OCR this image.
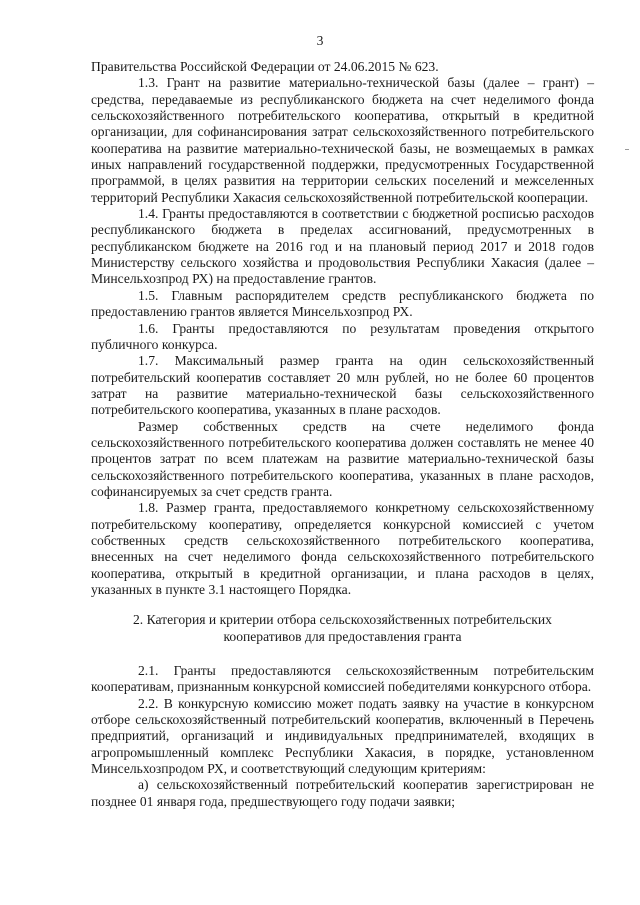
3

Правительства Российской Федерации от 24.06.2015 № 623.

1.3. Грант на развитие материально-технической базы (далее – грант) – средства, передаваемые из республиканского бюджета на счет неделимого фонда сельскохозяйственного потребительского кооператива, открытый в кредитной организации, для софинансирования затрат сельскохозяйственного потребительского кооператива на развитие материально-технической базы, не возмещаемых в рамках иных направлений государственной поддержки, предусмотренных Государственной программой, в целях развития на территории сельских поселений и межселенных территорий Республики Хакасия сельскохозяйственной потребительской кооперации.

1.4. Гранты предоставляются в соответствии с бюджетной росписью расходов республиканского бюджета в пределах ассигнований, предусмотренных в республиканском бюджете на 2016 год и на плановый период 2017 и 2018 годов Министерству сельского хозяйства и продовольствия Республики Хакасия (далее – Минсельхозпрод РХ) на предоставление грантов.

1.5. Главным распорядителем средств республиканского бюджета по предоставлению грантов является Минсельхозпрод РХ.

1.6. Гранты предоставляются по результатам проведения открытого публичного конкурса.

1.7. Максимальный размер гранта на один сельскохозяйственный потребительский кооператив составляет 20 млн рублей, но не более 60 процентов затрат на развитие материально-технической базы сельскохозяйственного потребительского кооператива, указанных в плане расходов.

Размер собственных средств на счете неделимого фонда сельскохозяйственного потребительского кооператива должен составлять не менее 40 процентов затрат по всем платежам на развитие материально-технической базы сельскохозяйственного потребительского кооператива, указанных в плане расходов, софинансируемых за счет средств гранта.

1.8. Размер гранта, предоставляемого конкретному сельскохозяйственному потребительскому кооперативу, определяется конкурсной комиссией с учетом собственных средств сельскохозяйственного потребительского кооператива, внесенных на счет неделимого фонда сельскохозяйственного потребительского кооператива, открытый в кредитной организации, и плана расходов в целях, указанных в пункте 3.1 настоящего Порядка.

2. Категория и критерии отбора сельскохозяйственных потребительских
кооперативов для предоставления гранта

2.1. Гранты предоставляются сельскохозяйственным потребительским кооперативам, признанным конкурсной комиссией победителями конкурсного отбора.

2.2. В конкурсную комиссию может подать заявку на участие в конкурсном отборе сельскохозяйственный потребительский кооператив, включенный в Перечень предприятий, организаций и индивидуальных предпринимателей, входящих в агропромышленный комплекс Республики Хакасия, в порядке, установленном Минсельхозпродом РХ, и соответствующий следующим критериям:

а) сельскохозяйственный потребительский кооператив зарегистрирован не позднее 01 января года, предшествующего году подачи заявки;
